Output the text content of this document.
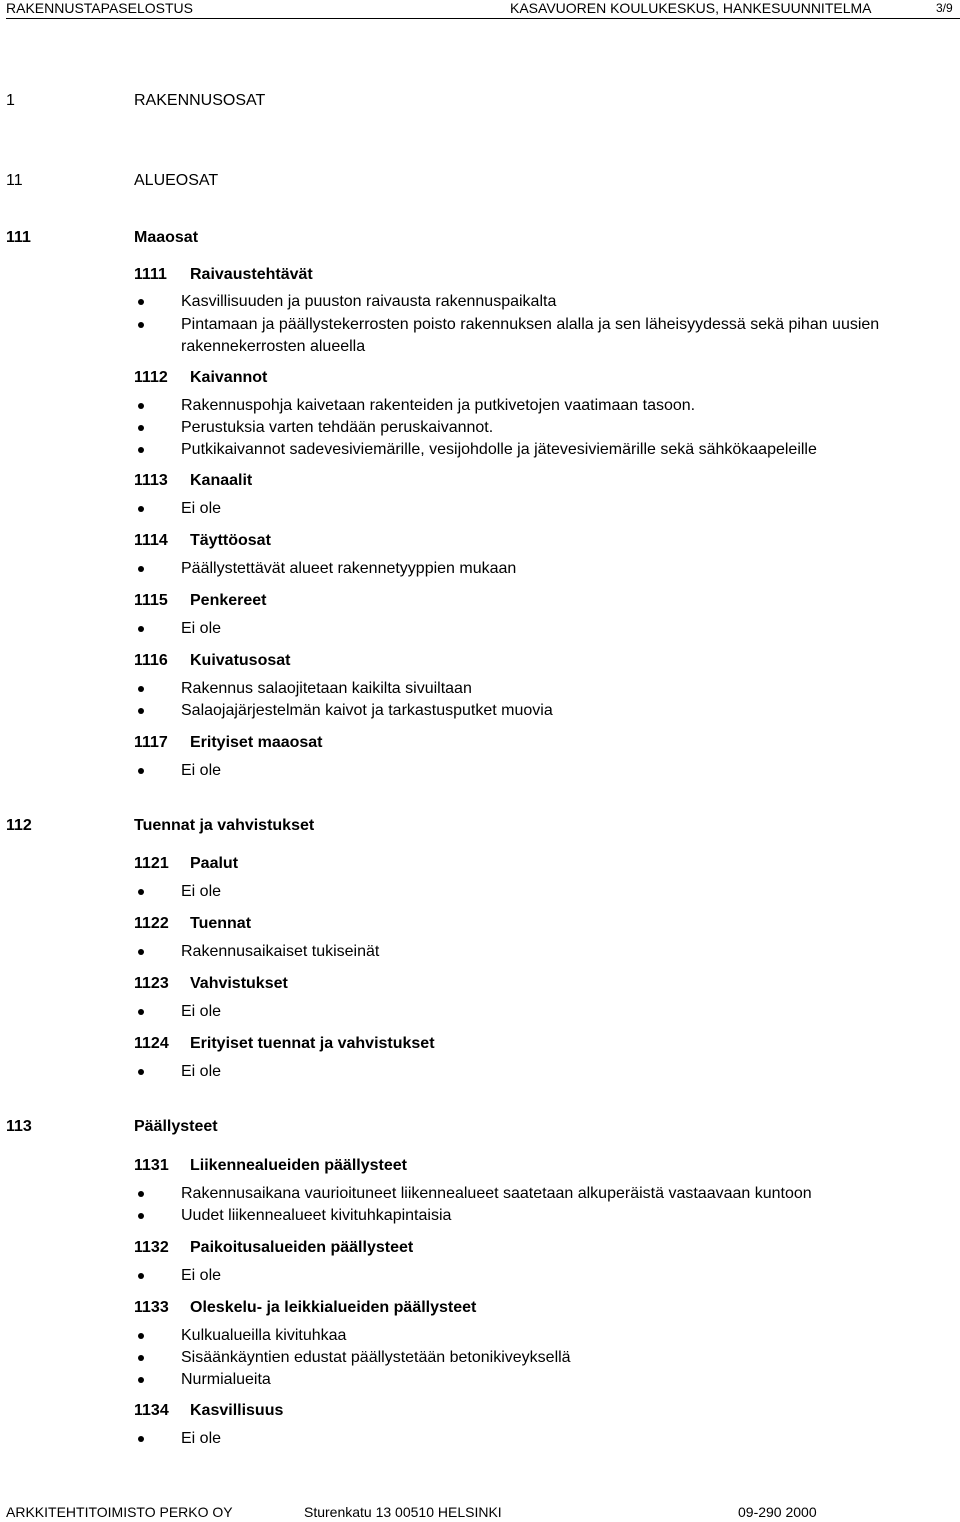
RAKENNUSTAPASELOSTUS	KASAVUOREN KOULUKESKUS, HANKESUUNNITELMA	3/9
1	RAKENNUSOSAT
11	ALUEOSAT
111	Maaosat
1111 Raivaustehtävät
Kasvillisuuden ja puuston raivausta rakennuspaikalta
Pintamaan ja päällystekerrosten poisto rakennuksen alalla ja sen läheisyydessä sekä pihan uusien
rakennekerrosten alueella
1112 Kaivannot
Rakennuspohja kaivetaan rakenteiden ja putkivetojen vaatimaan tasoon.
Perustuksia varten tehdään peruskaivannot.
Putkikaivannot sadevesiviemärille, vesijohdolle ja jätevesiviemärille sekä sähkökaapeleille
1113 Kanaalit
Ei ole
1114 Täyttöosat
Päällystettävät alueet rakennetyyppien mukaan
1115 Penkereet
Ei ole
1116 Kuivatusosat
Rakennus salaojitetaan kaikilta sivuiltaan
Salaojajärjestelmän kaivot ja tarkastusputket muovia
1117 Erityiset maaosat
Ei ole
112	Tuennat ja vahvistukset
1121 Paalut
Ei ole
1122 Tuennat
Rakennusaikaiset tukiseinät
1123 Vahvistukset
Ei ole
1124 Erityiset tuennat ja vahvistukset
Ei ole
113	Päällysteet
1131 Liikennealueiden päällysteet
Rakennusaikana vaurioituneet liikennealueet saatetaan alkuperäistä vastaavaan kuntoon
Uudet liikennealueet kivituhkapintaisia
1132 Paikoitusalueiden päällysteet
Ei ole
1133 Oleskelu- ja leikkialueiden päällysteet
Kulkualueilla kivituhkaa
Sisäänkäyntien edustat päällystetään betonikiveyksellä
Nurmialueita
1134 Kasvillisuus
Ei ole
ARKKITEHTITOIMISTO PERKO OY	Sturenkatu 13 00510 HELSINKI	09-290 2000
